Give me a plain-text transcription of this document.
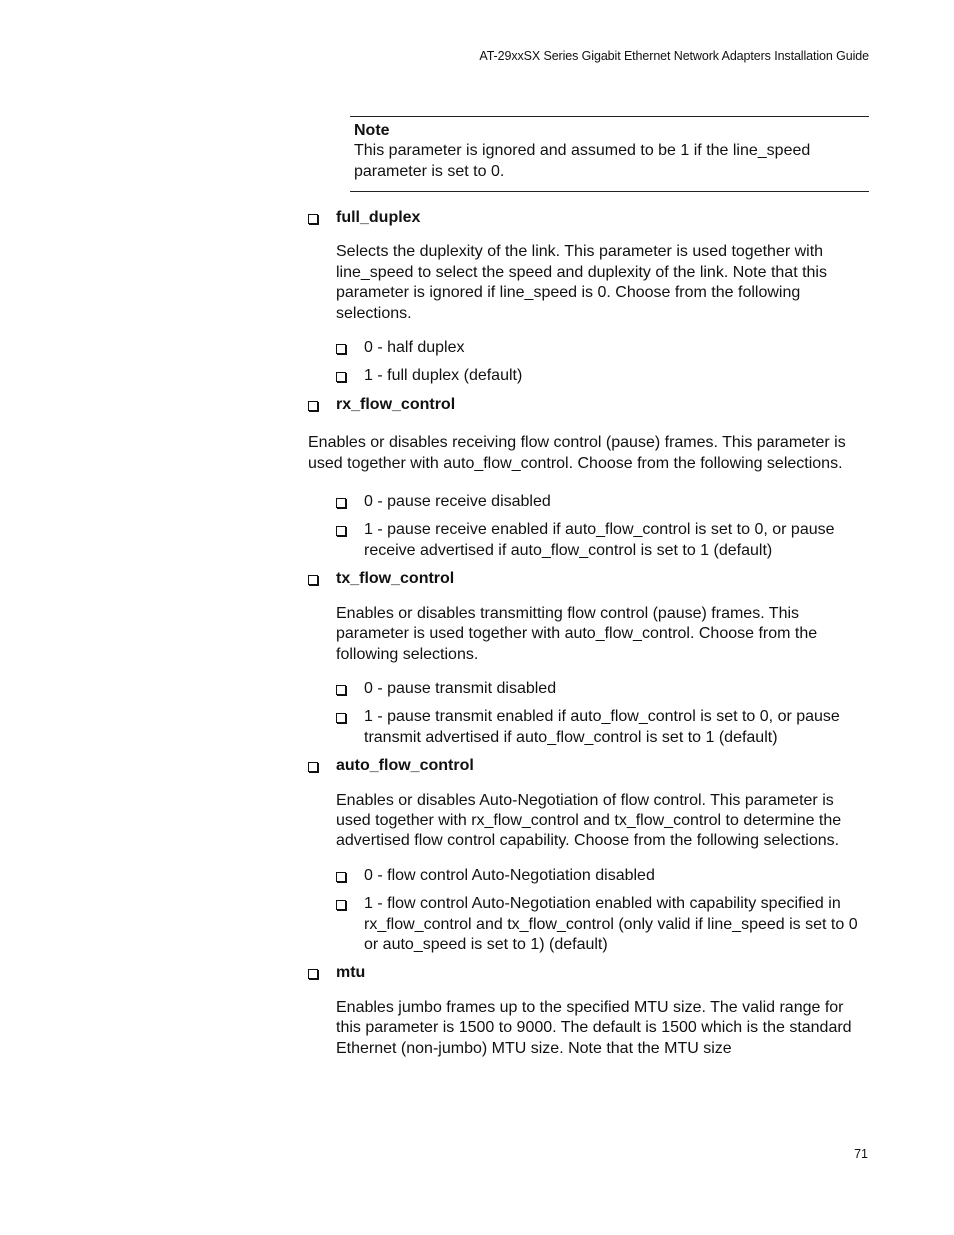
AT-29xxSX Series Gigabit Ethernet Network Adapters Installation Guide
Note
This parameter is ignored and assumed to be 1 if the line_speed parameter is set to 0.
full_duplex
Selects the duplexity of the link. This parameter is used together with line_speed to select the speed and duplexity of the link. Note that this parameter is ignored if line_speed is 0. Choose from the following selections.
0 - half duplex
1 - full duplex (default)
rx_flow_control
Enables or disables receiving flow control (pause) frames. This parameter is used together with auto_flow_control. Choose from the following selections.
0 - pause receive disabled
1 - pause receive enabled if auto_flow_control is set to 0, or pause receive advertised if auto_flow_control is set to 1 (default)
tx_flow_control
Enables or disables transmitting flow control (pause) frames. This parameter is used together with auto_flow_control. Choose from the following selections.
0 - pause transmit disabled
1 - pause transmit enabled if auto_flow_control is set to 0, or pause transmit advertised if auto_flow_control is set to 1 (default)
auto_flow_control
Enables or disables Auto-Negotiation of flow control. This parameter is used together with rx_flow_control and tx_flow_control to determine the advertised flow control capability. Choose from the following selections.
0 - flow control Auto-Negotiation disabled
1 - flow control Auto-Negotiation enabled with capability specified in rx_flow_control and tx_flow_control (only valid if line_speed is set to 0 or auto_speed is set to 1) (default)
mtu
Enables jumbo frames up to the specified MTU size. The valid range for this parameter is 1500 to 9000. The default is 1500 which is the standard Ethernet (non-jumbo) MTU size. Note that the MTU size
71
